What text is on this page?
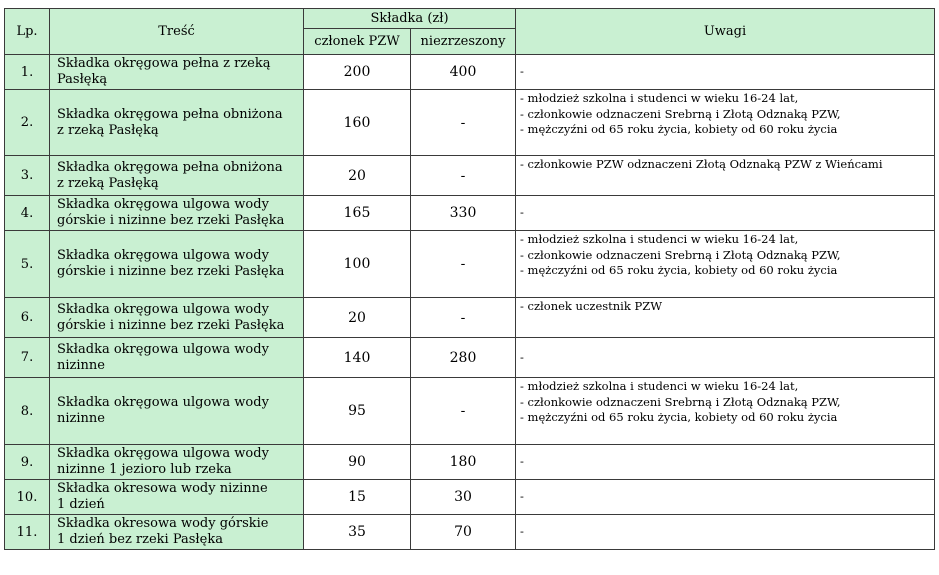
Lp.	Treść	Składka (zł)		Uwagi
		członek PZW	niezrzeszony	
1.	Składka okręgowa pełna z rzeką
Pasłęką	200	400	-

2.	Składka okręgowa pełna obniżona
z rzeką Pasłęką	160	-	- młodzież szkolna i studenci w wieku 16-24 lat,
- członkowie odznaczeni Srebrną i Złotą Odznaką PZW,
- mężczyźni od 65 roku życia, kobiety od 60 roku życia

3.	Składka okręgowa pełna obniżona
z rzeką Pasłęką	20	-	- członkowie PZW odznaczeni Złotą Odznaką PZW z Wieńcami

4.	Składka okręgowa ulgowa wody
górskie i nizinne bez rzeki Pasłęka	165	330	-

5.	Składka okręgowa ulgowa wody
górskie i nizinne bez rzeki Pasłęka	100	-	- młodzież szkolna i studenci w wieku 16-24 lat,
- członkowie odznaczeni Srebrną i Złotą Odznaką PZW,
- mężczyźni od 65 roku życia, kobiety od 60 roku życia

6.	Składka okręgowa ulgowa wody
górskie i nizinne bez rzeki Pasłęka	20	-	- członek uczestnik PZW

7.	Składka okręgowa ulgowa wody
nizinne	140	280	-

8.	Składka okręgowa ulgowa wody
nizinne	95	-	- młodzież szkolna i studenci w wieku 16-24 lat,
- członkowie odznaczeni Srebrną i Złotą Odznaką PZW,
- mężczyźni od 65 roku życia, kobiety od 60 roku życia

9.	Składka okręgowa ulgowa wody
nizinne 1 jezioro lub rzeka	90	180	-

10.	Składka okresowa wody nizinne
1 dzień	15	30	-

11.	Składka okresowa wody górskie
1 dzień bez rzeki Pasłęka	35	70	-
